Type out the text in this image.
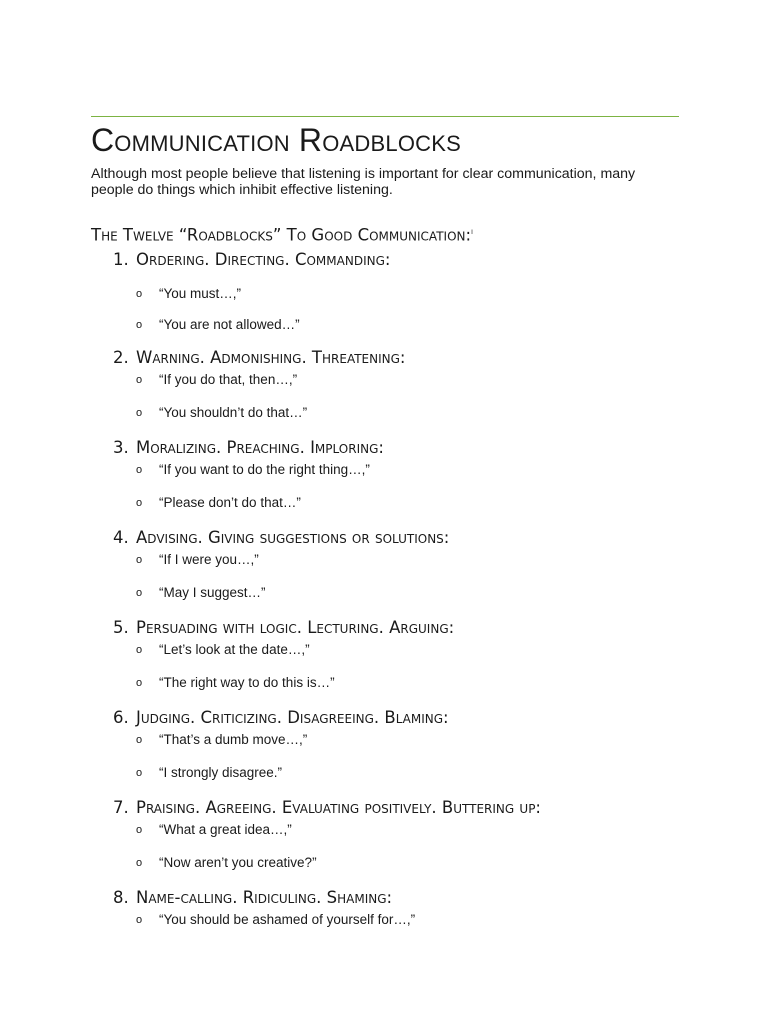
Communication Roadblocks

Although most people believe that listening is important for clear communication, many people do things which inhibit effective listening.

The Twelve “Roadblocks” To Good Communication:$^i$
1. Ordering. Directing. Commanding:

o “You must…,”

o “You are not allowed…”

2. Warning. Admonishing. Threatening:

o “If you do that, then…,”

o “You shouldn’t do that…”

3. Moralizing. Preaching. Imploring:

o “If you want to do the right thing…,”

o “Please don’t do that…”

4. Advising. Giving suggestions or solutions:

o “If I were you…,”

o “May I suggest…”

5. Persuading with logic. Lecturing. Arguing:

o “Let’s look at the date…,”

o “The right way to do this is…”

6. Judging. Criticizing. Disagreeing. Blaming:

o “That’s a dumb move…,”

o “I strongly disagree.”

7. Praising. Agreeing. Evaluating positively. Buttering up:

o “What a great idea…,”

o “Now aren’t you creative?”

8. Name-calling. Ridiculing. Shaming:

o “You should be ashamed of yourself for…,”
